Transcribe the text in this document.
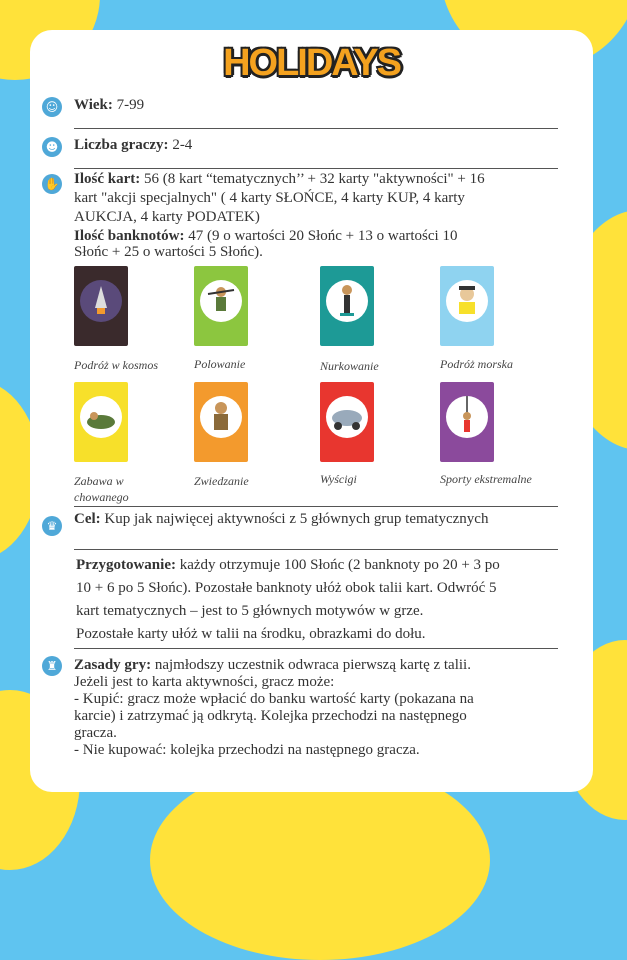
HOLIDAYS
☺ Wiek: 7-99
☻ Liczba graczy: 2-4
✋ Ilość kart: 56 (8 kart “tematycznych’’ + 32 karty "aktywności" + 16
kart "akcji specjalnych" ( 4 karty SŁOŃCE, 4 karty KUP, 4 karty
AUKCJA, 4 karty PODATEK)
Ilość banknotów: 47 (9 o wartości 20 Słońc + 13 o wartości 10
Słońc + 25 o wartości 5 Słońc).
Podróż w kosmos	Polowanie	Nurkowanie	Podróż morska
Zabawa w
chowanego
Zwiedzanie	Wyścigi	Sporty ekstremalne
♛	Cel: Kup jak najwięcej aktywności z 5 głównych grup tematycznych
Przygotowanie: każdy otrzymuje 100 Słońc (2 banknoty po 20 + 3 po
10 + 6 po 5 Słońc). Pozostałe banknoty ułóż obok talii kart. Odwróć 5
kart tematycznych – jest to 5 głównych motywów w grze.
Pozostałe karty ułóż w talii na środku, obrazkami do dołu.
♜	Zasady gry: najmłodszy uczestnik odwraca pierwszą kartę z talii.
Jeżeli jest to karta aktywności, gracz może:
- Kupić: gracz może wpłacić do banku wartość karty (pokazana na
karcie) i zatrzymać ją odkrytą. Kolejka przechodzi na następnego
gracza.
- Nie kupować: kolejka przechodzi na następnego gracza.
